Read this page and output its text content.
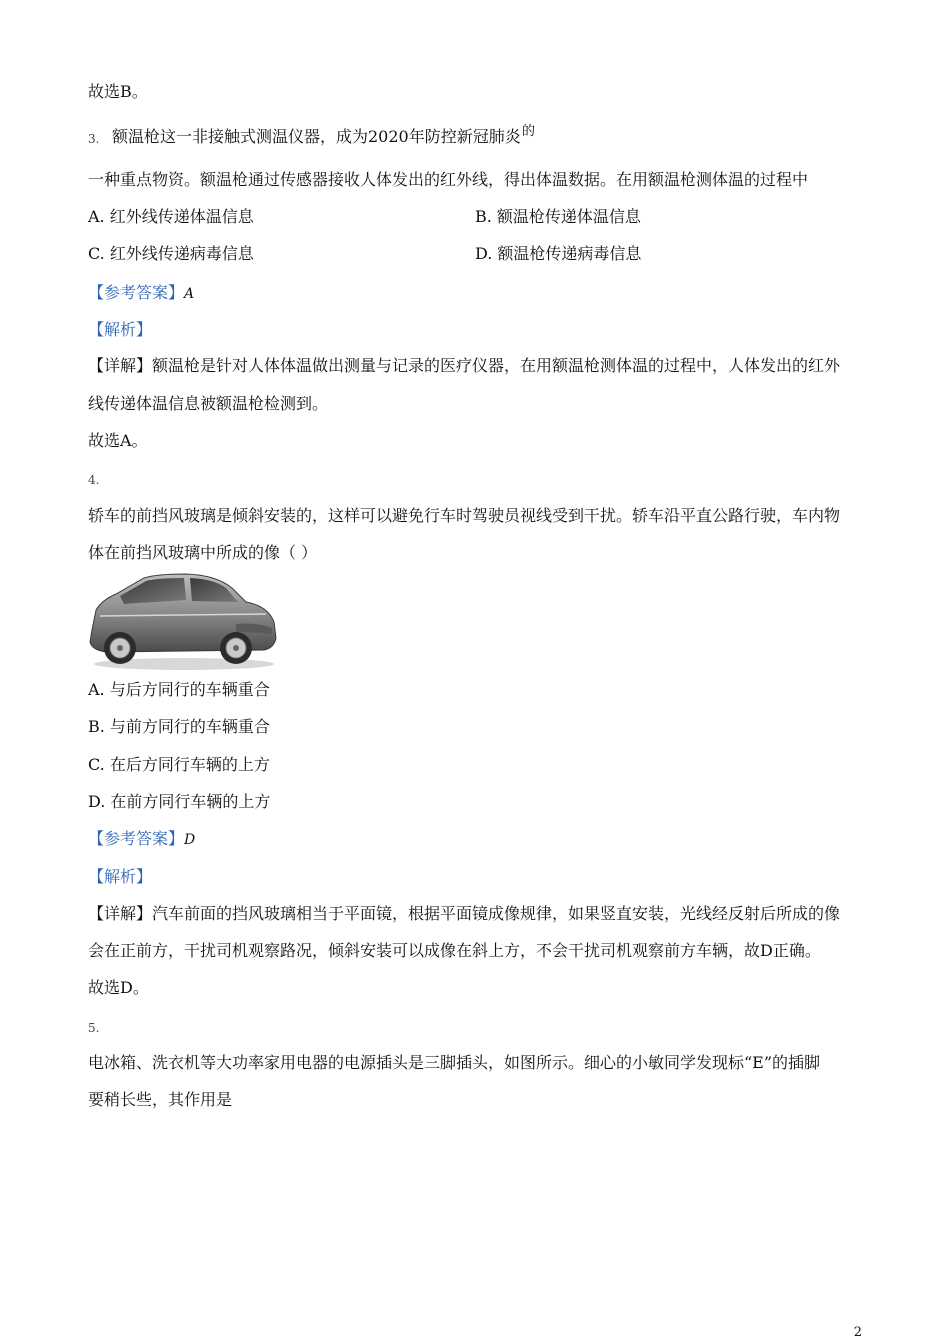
故选B。
3. 额温枪这一非接触式测温仪器，成为2020年防控新冠肺炎 的
一种重点物资。额温枪通过传感器接收人体发出的红外线，得出体温数据。在用额温枪测体温的过程中
A. 红外线传递体温信息	B. 额温枪传递体温信息
C. 红外线传递病毒信息	D. 额温枪传递病毒信息
【参考答案】A
【解析】
【详解】额温枪是针对人体体温做出测量与记录的医疗仪器，在用额温枪测体温的过程中，人体发出的红外
线传递体温信息被额温枪检测到。
故选A。
4.
轿车的前挡风玻璃是倾斜安装的，这样可以避免行车时驾驶员视线受到干扰。轿车沿平直公路行驶，车内物
体在前挡风玻璃中所成的像（ ）
A. 与后方同行的车辆重合
B. 与前方同行的车辆重合
C. 在后方同行车辆的上方
D. 在前方同行车辆的上方
【参考答案】D
【解析】
【详解】汽车前面的挡风玻璃相当于平面镜，根据平面镜成像规律，如果竖直安装，光线经反射后所成的像
会在正前方，干扰司机观察路况，倾斜安装可以成像在斜上方，不会干扰司机观察前方车辆，故D正确。
故选D。
5.
电冰箱、洗衣机等大功率家用电器的电源插头是三脚插头，如图所示。细心的小敏同学发现标“E”的插脚
要稍长些，其作用是
2
